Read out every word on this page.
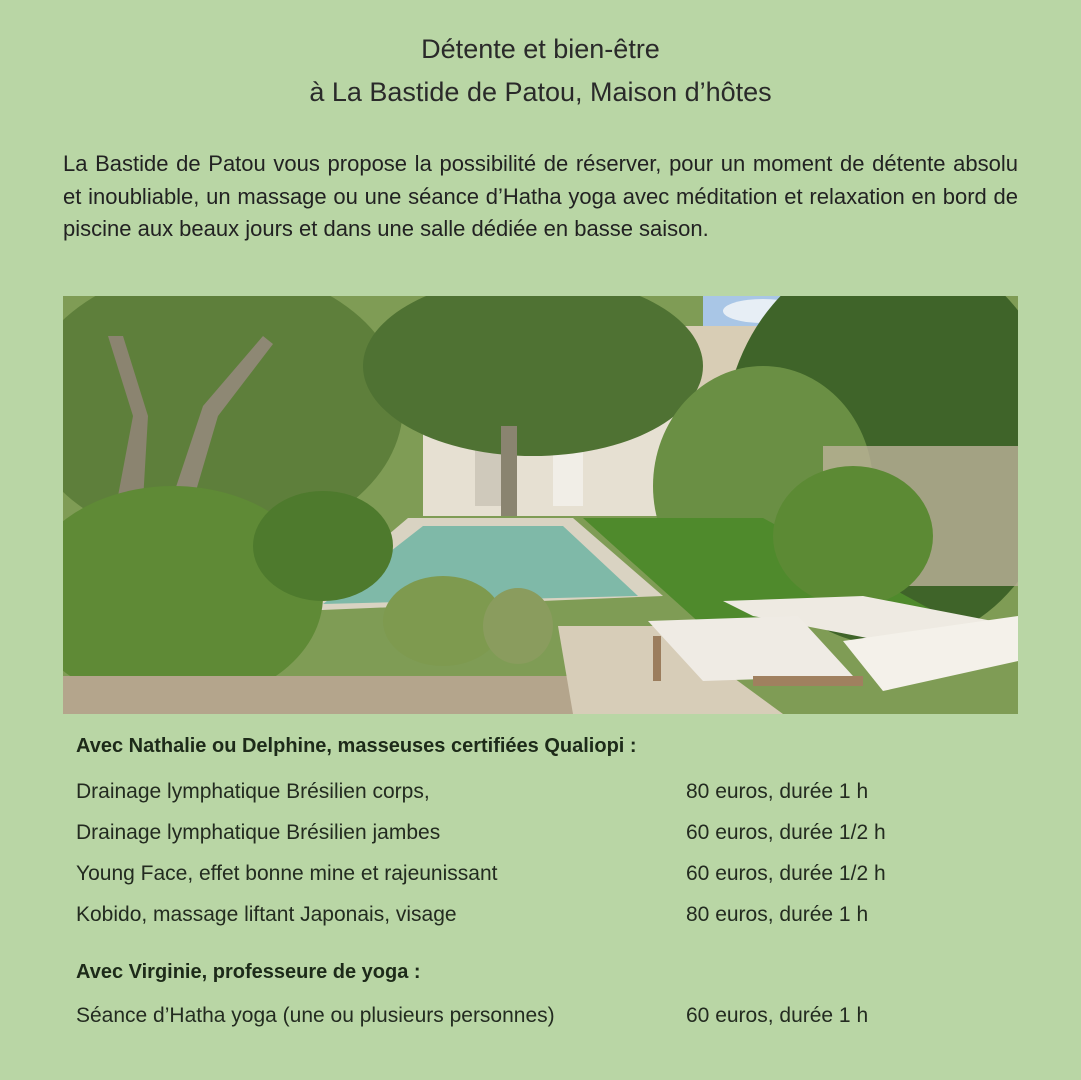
Détente et bien-être
à La Bastide de Patou, Maison d’hôtes
La Bastide de Patou vous propose la possibilité de réserver, pour un moment de détente absolu et inoubliable, un massage ou une séance d’Hatha yoga avec méditation et relaxation en bord de piscine aux beaux jours et dans une salle dédiée en basse saison.
Avec Nathalie ou Delphine, masseuses certifiées Qualiopi :
Drainage lymphatique Brésilien corps,	80 euros, durée 1 h
Drainage lymphatique Brésilien jambes	60 euros, durée 1/2 h
Young Face, effet bonne mine et rajeunissant	60 euros, durée 1/2 h
Kobido, massage liftant Japonais, visage	80 euros, durée 1 h
Avec Virginie, professeure de yoga :
Séance d’Hatha yoga (une ou plusieurs personnes)	60 euros, durée 1 h
